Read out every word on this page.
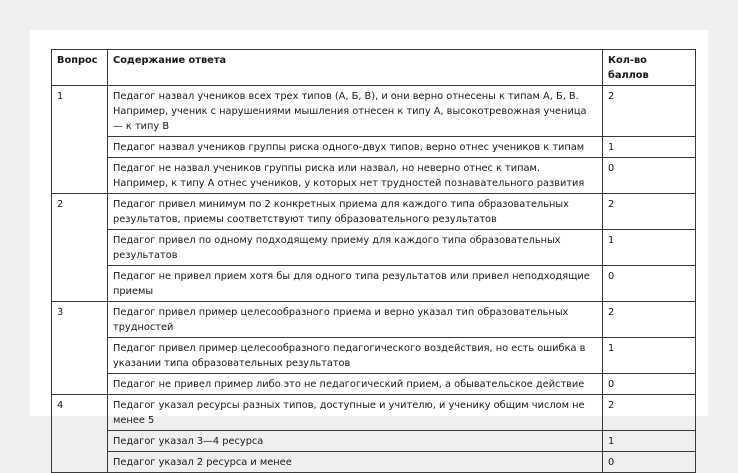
Вопрос	Содержание ответа	Кол-во баллов
1	Педагог назвал учеников всех трех типов (А, Б, В), и они верно отнесены к типам А, Б, В. Например, ученик с нарушениями мышления отнесен к типу А, высокотревожная ученица — к типу В	2
	Педагог назвал учеников группы риска одного-двух типов, верно отнес учеников к типам	1
	Педагог не назвал учеников группы риска или назвал, но неверно отнес к типам. Например, к типу А отнес учеников, у которых нет трудностей познавательного развития	0
2	Педагог привел минимум по 2 конкретных приема для каждого типа образовательных результатов, приемы соответствуют типу образовательного результатов	2
	Педагог привел по одному подходящему приему для каждого типа образовательных результатов	1
	Педагог не привел прием хотя бы для одного типа результатов или привел неподходящие приемы	0
3	Педагог привел пример целесообразного приема и верно указал тип образовательных трудностей	2
	Педагог привел пример целесообразного педагогического воздействия, но есть ошибка в указании типа образовательных результатов	1
	Педагог не привел пример либо это не педагогический прием, а обывательское действие	0
4	Педагог указал ресурсы разных типов, доступные и учителю, и ученику общим числом не менее 5	2
	Педагог указал 3—4 ресурса	1
	Педагог указал 2 ресурса и менее	0
